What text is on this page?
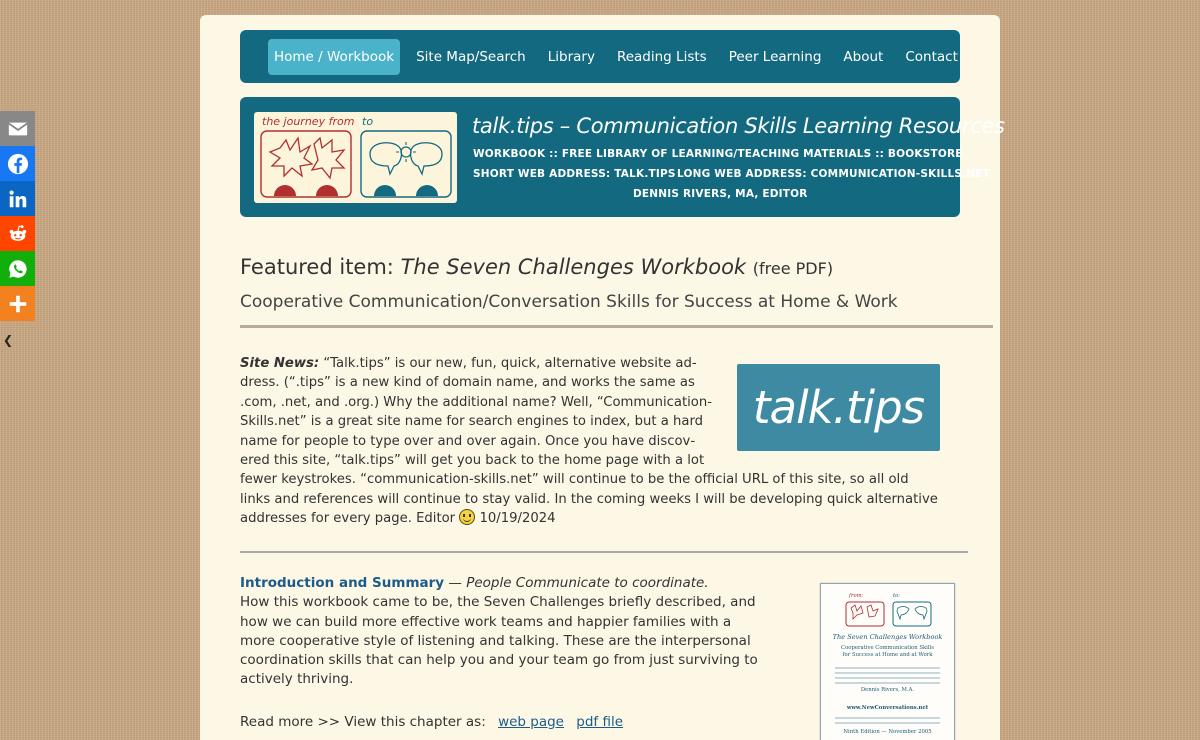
❮
Home / Workbook	Site Map/Search	Library	Reading Lists	Peer Learning	About	Contact
the journey from to	talk.tips – Communication Skills Learning Resources
WORKBOOK :: FREE LIBRARY OF LEARNING/TEACHING MATERIALS :: BOOKSTORE
SHORT WEB ADDRESS: TALK.TIPS LONG WEB ADDRESS: COMMUNICATION-SKILLS.NET
DENNIS RIVERS, MA, EDITOR
Featured item: The Seven Challenges Workbook (free PDF)
Cooperative Communication/Conversation Skills for Success at Home & Work
talk.tips
Site News: “Talk.tips” is our new, fun, quick, alternative website address. (“.tips” is a new kind of domain name, and works the same as .com, .net, and .org.) Why the additional name? Well, “Communication-Skills.net” is a great site name for search engines to index, but a hard name for people to type over and over again. Once you have discovered this site, “talk.tips” will get you back to the home page with a lot fewer keystrokes. “communication-skills.net” will continue to be the official URL of this site, so all old links and references will continue to stay valid. In the coming weeks I will be developing quick alternative addresses for every page. Editor  10/19/2024
Introduction and Summary — People Communicate to coordinate.
How this workbook came to be, the Seven Challenges briefly described, and how we can build more effective work teams and happier families with a more cooperative style of listening and talking. These are the interpersonal coordination skills that can help you and your team go from just surviving to actively thriving.
Read more >> View this chapter as: web page pdf file
from:	to:
The Seven Challenges Workbook
Cooperative Communication Skills
for Success at Home and at Work
Dennis Rivers, M.A.
www.NewConversations.net
Ninth Edition — November 2005
